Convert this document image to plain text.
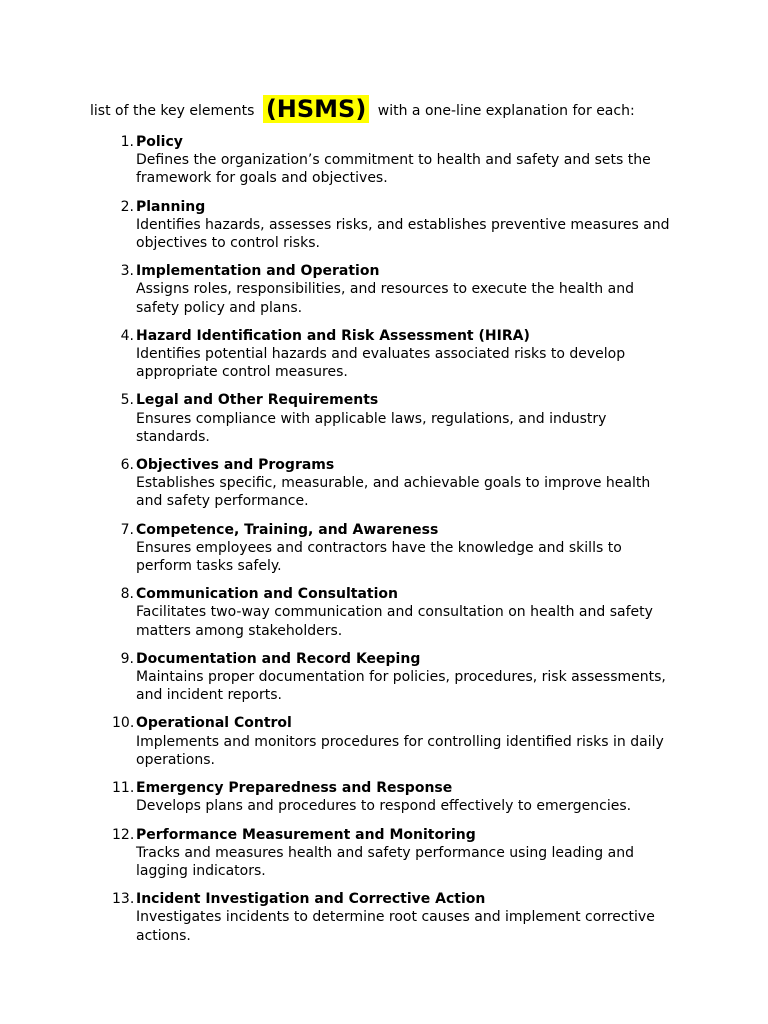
list of the key elements (HSMS) with a one-line explanation for each:
1. Policy
Defines the organization’s commitment to health and safety and sets the framework for goals and objectives.
2. Planning
Identifies hazards, assesses risks, and establishes preventive measures and objectives to control risks.
3. Implementation and Operation
Assigns roles, responsibilities, and resources to execute the health and safety policy and plans.
4. Hazard Identification and Risk Assessment (HIRA)
Identifies potential hazards and evaluates associated risks to develop appropriate control measures.
5. Legal and Other Requirements
Ensures compliance with applicable laws, regulations, and industry standards.
6. Objectives and Programs
Establishes specific, measurable, and achievable goals to improve health and safety performance.
7. Competence, Training, and Awareness
Ensures employees and contractors have the knowledge and skills to perform tasks safely.
8. Communication and Consultation
Facilitates two-way communication and consultation on health and safety matters among stakeholders.
9. Documentation and Record Keeping
Maintains proper documentation for policies, procedures, risk assessments, and incident reports.
10. Operational Control
Implements and monitors procedures for controlling identified risks in daily operations.
11. Emergency Preparedness and Response
Develops plans and procedures to respond effectively to emergencies.
12. Performance Measurement and Monitoring
Tracks and measures health and safety performance using leading and lagging indicators.
13. Incident Investigation and Corrective Action
Investigates incidents to determine root causes and implement corrective actions.
